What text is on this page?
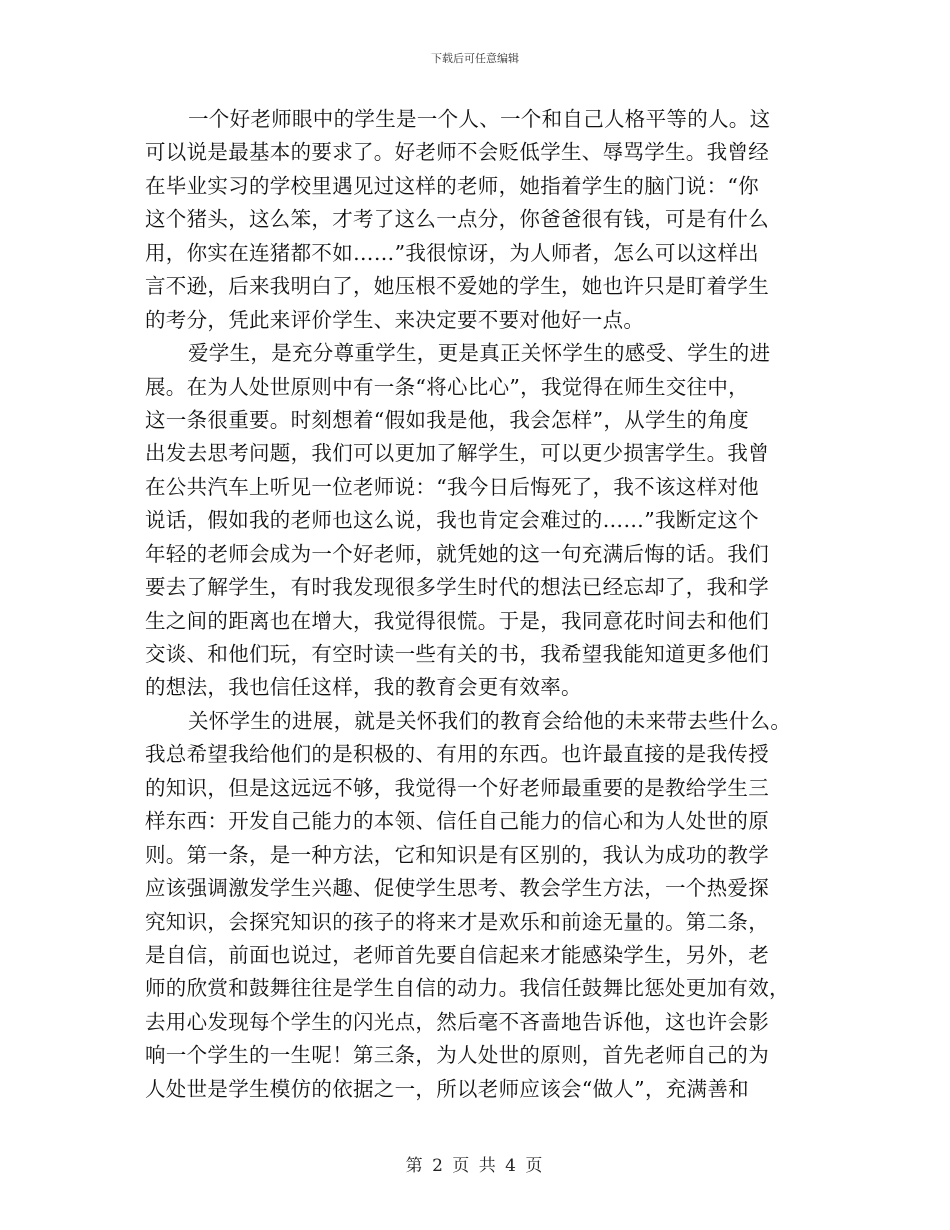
下载后可任意编辑
一个好老师眼中的学生是一个人、一个和自己人格平等的人。这
可以说是最基本的要求了。好老师不会贬低学生、辱骂学生。我曾经
在毕业实习的学校里遇见过这样的老师，她指着学生的脑门说：“你
这个猪头，这么笨，才考了这么一点分，你爸爸很有钱，可是有什么
用，你实在连猪都不如……”我很惊讶，为人师者，怎么可以这样出
言不逊，后来我明白了，她压根不爱她的学生，她也许只是盯着学生
的考分，凭此来评价学生、来决定要不要对他好一点。
爱学生，是充分尊重学生，更是真正关怀学生的感受、学生的进
展。在为人处世原则中有一条“将心比心”，我觉得在师生交往中，
这一条很重要。时刻想着“假如我是他，我会怎样”，从学生的角度
出发去思考问题，我们可以更加了解学生，可以更少损害学生。我曾
在公共汽车上听见一位老师说：“我今日后悔死了，我不该这样对他
说话，假如我的老师也这么说，我也肯定会难过的……”我断定这个
年轻的老师会成为一个好老师，就凭她的这一句充满后悔的话。我们
要去了解学生，有时我发现很多学生时代的想法已经忘却了，我和学
生之间的距离也在增大，我觉得很慌。于是，我同意花时间去和他们
交谈、和他们玩，有空时读一些有关的书，我希望我能知道更多他们
的想法，我也信任这样，我的教育会更有效率。
关怀学生的进展，就是关怀我们的教育会给他的未来带去些什么。
我总希望我给他们的是积极的、有用的东西。也许最直接的是我传授
的知识，但是这远远不够，我觉得一个好老师最重要的是教给学生三
样东西：开发自己能力的本领、信任自己能力的信心和为人处世的原
则。第一条，是一种方法，它和知识是有区别的，我认为成功的教学
应该强调激发学生兴趣、促使学生思考、教会学生方法，一个热爱探
究知识，会探究知识的孩子的将来才是欢乐和前途无量的。第二条，
是自信，前面也说过，老师首先要自信起来才能感染学生，另外，老
师的欣赏和鼓舞往往是学生自信的动力。我信任鼓舞比惩处更加有效，
去用心发现每个学生的闪光点，然后毫不吝啬地告诉他，这也许会影
响一个学生的一生呢！第三条，为人处世的原则，首先老师自己的为
人处世是学生模仿的依据之一，所以老师应该会“做人”，充满善和
第 2 页 共 4 页
